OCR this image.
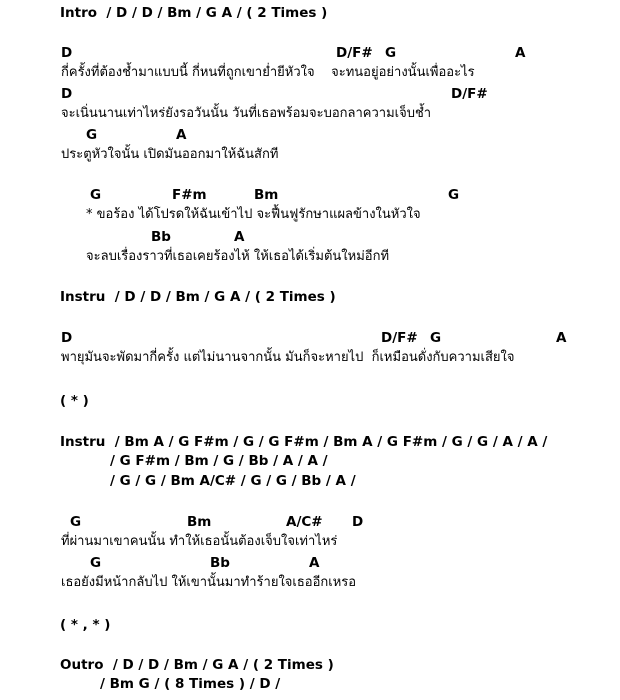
Intro  / D / D / Bm / G A / ( 2 Times )
D	D/F# G	A
กี่ครั้งที่ต้องช้ำมาแบบนี้ กี่หนที่ถูกเขาย่ำยีหัวใจ    จะทนอยู่อย่างนั้นเพื่ออะไร
D	D/F#
จะเนิ่นนานเท่าไหร่ยังรอวันนั้น วันที่เธอพร้อมจะบอกลาความเจ็บช้ำ
G	A
ประตูหัวใจนั้น เปิดมันออกมาให้ฉันสักที
G	F#m	Bm	G
* ขอร้อง ได้โปรดให้ฉันเข้าไป จะฟื้นฟูรักษาแผลข้างในหัวใจ
Bb	A
จะลบเรื่องราวที่เธอเคยร้องไห้ ให้เธอได้เริ่มต้นใหม่อีกที
Instru  / D / D / Bm / G A / ( 2 Times )
D	D/F# G	A
พายุมันจะพัดมากี่ครั้ง แต่ไม่นานจากนั้น มันก็จะหายไป  ก็เหมือนดั่งกับความเสียใจ
( * )
Instru  / Bm A / G F#m / G / G F#m / Bm A / G F#m / G / G / A / A /
/ G F#m / Bm / G / Bb / A / A /
/ G / G / Bm A/C# / G / G / Bb / A /
G	Bm	A/C# D
ที่ผ่านมาเขาคนนั้น ทำให้เธอนั้นต้องเจ็บใจเท่าไหร่
G	Bb	A
เธอยังมีหน้ากลับไป ให้เขานั้นมาทำร้ายใจเธออีกเหรอ
( * , * )
Outro  / D / D / Bm / G A / ( 2 Times )
/ Bm G / ( 8 Times ) / D /
